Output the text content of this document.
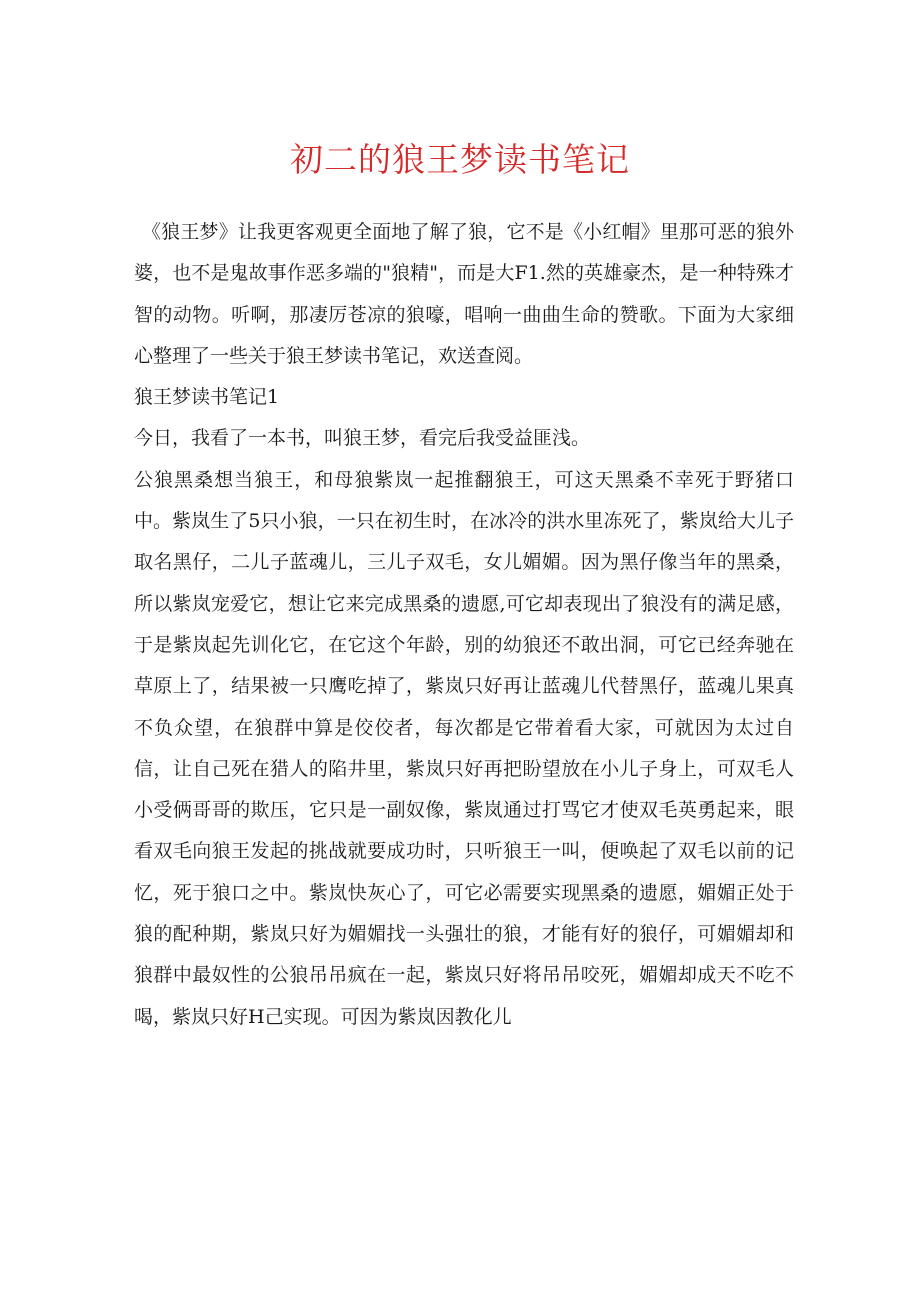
初二的狼王梦读书笔记

《狼王梦》让我更客观更全面地了解了狼，它不是《小红帽》里那可恶的狼外婆，也不是鬼故事作恶多端的"狼精"，而是大F1.然的英雄豪杰，是一种特殊才智的动物。听啊，那凄厉苍凉的狼嚎，唱响一曲曲生命的赞歌。下面为大家细心整理了一些关于狼王梦读书笔记，欢送查阅。

狼王梦读书笔记1

今日，我看了一本书，叫狼王梦，看完后我受益匪浅。

公狼黑桑想当狼王，和母狼紫岚一起推翻狼王，可这天黑桑不幸死于野猪口中。紫岚生了5只小狼，一只在初生时，在冰冷的洪水里冻死了，紫岚给大儿子取名黑仔，二儿子蓝魂儿，三儿子双毛，女儿媚媚。因为黑仔像当年的黑桑，所以紫岚宠爱它，想让它来完成黑桑的遗愿,可它却表现出了狼没有的满足感，于是紫岚起先训化它，在它这个年龄，别的幼狼还不敢出洞，可它已经奔驰在草原上了，结果被一只鹰吃掉了，紫岚只好再让蓝魂儿代替黑仔，蓝魂儿果真不负众望，在狼群中算是佼佼者，每次都是它带着看大家，可就因为太过自信，让自己死在猎人的陷井里，紫岚只好再把盼望放在小儿子身上，可双毛人小受俩哥哥的欺压，它只是一副奴像，紫岚通过打骂它才使双毛英勇起来，眼看双毛向狼王发起的挑战就要成功时，只听狼王一叫，便唤起了双毛以前的记忆，死于狼口之中。紫岚快灰心了，可它必需要实现黑桑的遗愿，媚媚正处于狼的配种期，紫岚只好为媚媚找一头强壮的狼，才能有好的狼仔，可媚媚却和狼群中最奴性的公狼吊吊疯在一起，紫岚只好将吊吊咬死，媚媚却成天不吃不喝，紫岚只好H己实现。可因为紫岚因教化儿
